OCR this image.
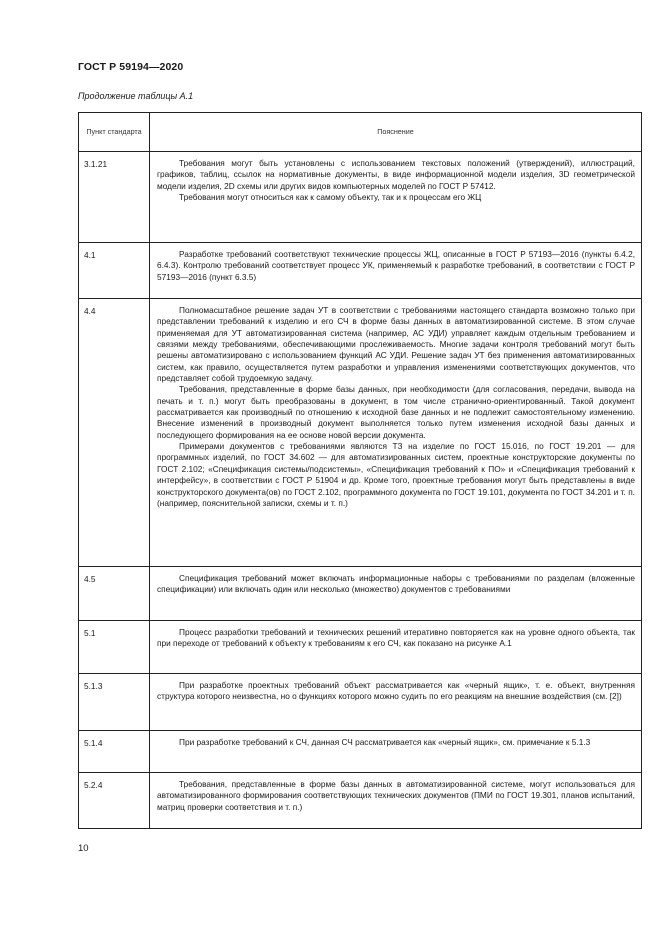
ГОСТ Р 59194—2020
Продолжение таблицы А.1
Пункт стандарта	Пояснение
3.1.21	Требования могут быть установлены с использованием текстовых положений (утверждений), иллюстраций, графиков, таблиц, ссылок на нормативные документы, в виде информационной модели изделия, 3D геометрической модели изделия, 2D схемы или других видов компьютерных моделей по ГОСТ Р 57412.

Требования могут относиться как к самому объекту, так и к процессам его ЖЦ

4.1	Разработке требований соответствуют технические процессы ЖЦ, описанные в ГОСТ Р 57193—2016 (пункты 6.4.2, 6.4.3). Контролю требований соответствует процесс УК, применяемый к разработке требований, в соответствии с ГОСТ Р 57193—2016 (пункт 6.3.5)

4.4	Полномасштабное решение задач УТ в соответствии с требованиями настоящего стандарта возможно только при представлении требований к изделию и его СЧ в форме базы данных в автоматизированной системе. В этом случае применяемая для УТ автоматизированная система (например, АС УДИ) управляет каждым отдельным требованием и связями между требованиями, обеспечивающими прослеживаемость. Многие задачи контроля требований могут быть решены автоматизировано с использованием функций АС УДИ. Решение задач УТ без применения автоматизированных систем, как правило, осуществляется путем разработки и управления изменениями соответствующих документов, что представляет собой трудоемкую задачу.

Требования, представленные в форме базы данных, при необходимости (для согласования, передачи, вывода на печать и т. п.) могут быть преобразованы в документ, в том числе странично-ориентированный. Такой документ рассматривается как производный по отношению к исходной базе данных и не подлежит самостоятельному изменению. Внесение изменений в производный документ выполняется только путем изменения исходной базы данных и последующего формирования на ее основе новой версии документа.

Примерами документов с требованиями являются ТЗ на изделие по ГОСТ 15.016, по ГОСТ 19.201 — для программных изделий, по ГОСТ 34.602 — для автоматизированных систем, проектные конструкторские документы по ГОСТ 2.102; «Спецификация системы/подсистемы», «Спецификация требований к ПО» и «Спецификация требований к интерфейсу», в соответствии с ГОСТ Р 51904 и др. Кроме того, проектные требования могут быть представлены в виде конструкторского документа(ов) по ГОСТ 2.102, программного документа по ГОСТ 19.101, документа по ГОСТ 34.201 и т. п. (например, пояснительной записки, схемы и т. п.)

4.5	Спецификация требований может включать информационные наборы с требованиями по разделам (вложенные спецификации) или включать один или несколько (множество) документов с требованиями

5.1	Процесс разработки требований и технических решений итеративно повторяется как на уровне одного объекта, так при переходе от требований к объекту к требованиям к его СЧ, как показано на рисунке А.1

5.1.3	При разработке проектных требований объект рассматривается как «черный ящик», т. е. объект, внутренняя структура которого неизвестна, но о функциях которого можно судить по его реакциям на внешние воздействия (см. [2])

5.1.4	При разработке требований к СЧ, данная СЧ рассматривается как «черный ящик», см. примечание к 5.1.3

5.2.4	Требования, представленные в форме базы данных в автоматизированной системе, могут использоваться для автоматизированного формирования соответствующих технических документов (ПМИ по ГОСТ 19.301, планов испытаний, матриц проверки соответствия и т. п.)

10
